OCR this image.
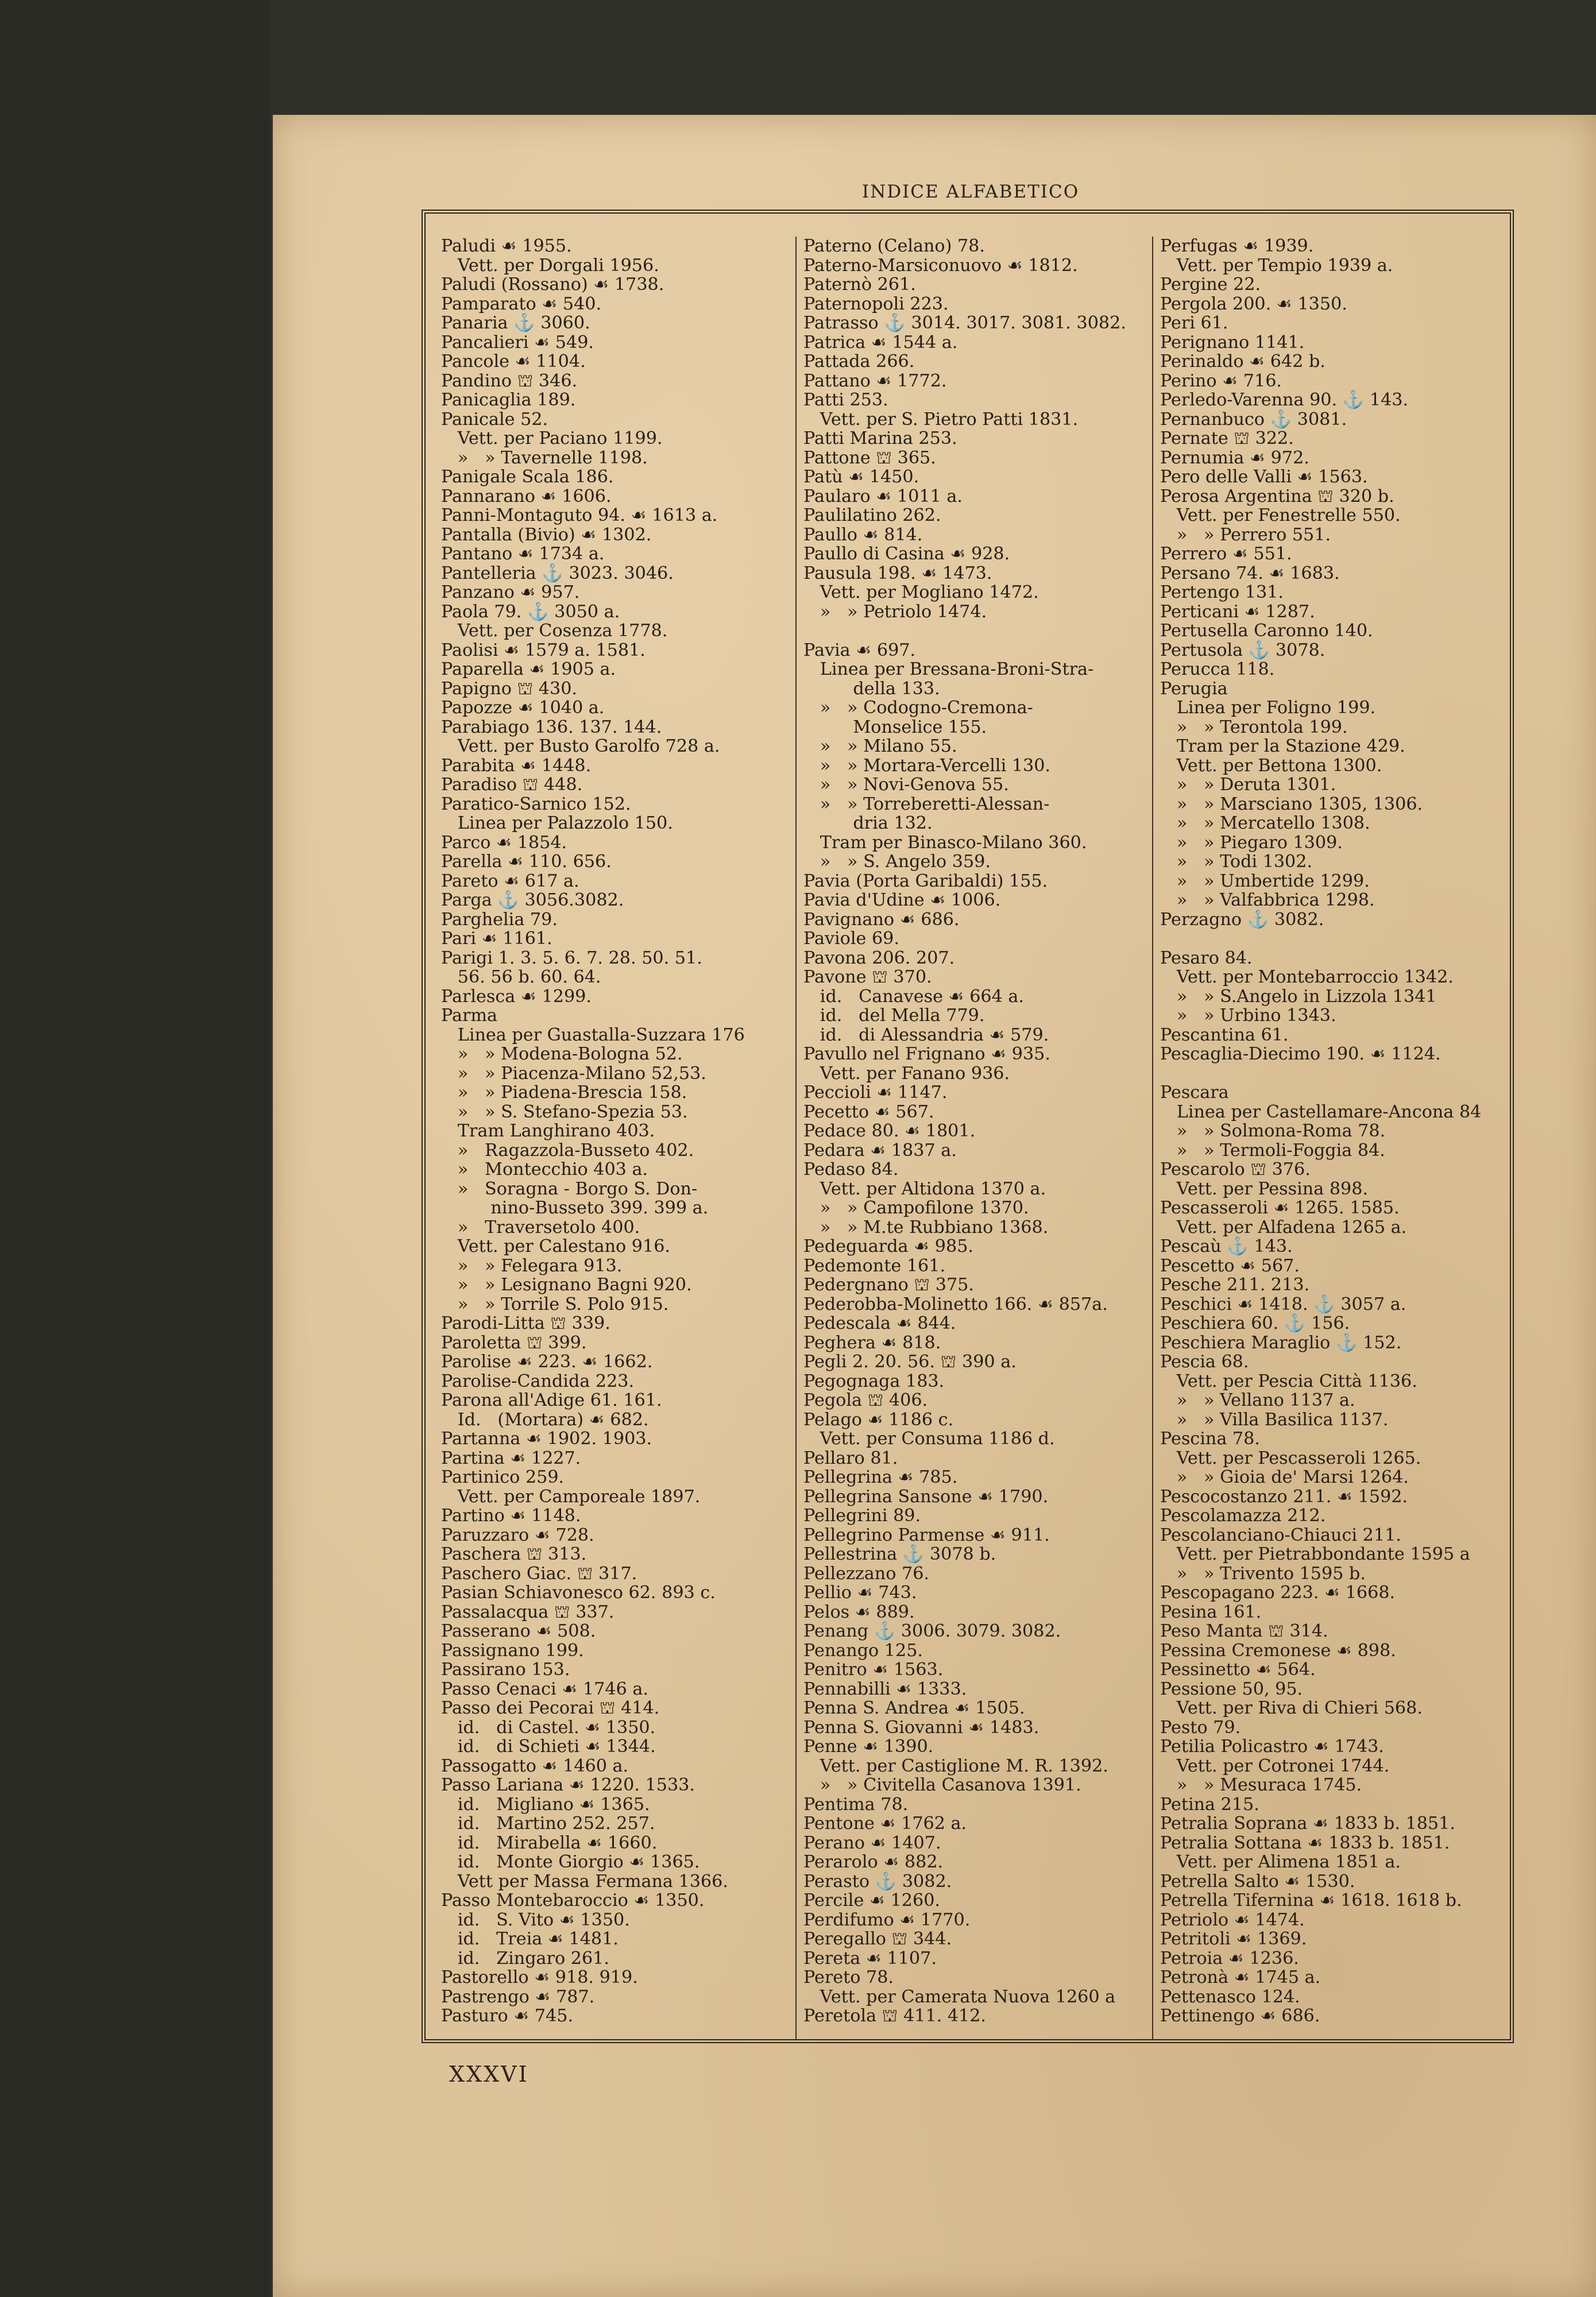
INDICE ALFABETICO
Paludi ☙ 1955.
Vett. per Dorgali 1956.
Paludi (Rossano) ☙ 1738.
Pamparato ☙ 540.
Panaria ⚓ 3060.
Pancalieri ☙ 549.
Pancole ☙ 1104.
Pandino ⛫ 346.
Panicaglia 189.
Panicale 52.
Vett. per Paciano 1199.
»   » Tavernelle 1198.
Panigale Scala 186.
Pannarano ☙ 1606.
Panni-Montaguto 94. ☙ 1613 a.
Pantalla (Bivio) ☙ 1302.
Pantano ☙ 1734 a.
Pantelleria ⚓ 3023. 3046.
Panzano ☙ 957.
Paola 79. ⚓ 3050 a.
Vett. per Cosenza 1778.
Paolisi ☙ 1579 a. 1581.
Paparella ☙ 1905 a.
Papigno ⛫ 430.
Papozze ☙ 1040 a.
Parabiago 136. 137. 144.
Vett. per Busto Garolfo 728 a.
Parabita ☙ 1448.
Paradiso ⛫ 448.
Paratico-Sarnico 152.
Linea per Palazzolo 150.
Parco ☙ 1854.
Parella ☙ 110. 656.
Pareto ☙ 617 a.
Parga ⚓ 3056.3082.
Parghelia 79.
Pari ☙ 1161.
Parigi 1. 3. 5. 6. 7. 28. 50. 51.
56. 56 b. 60. 64.
Parlesca ☙ 1299.
Parma
Linea per Guastalla-Suzzara 176
»   » Modena-Bologna 52.
»   » Piacenza-Milano 52,53.
»   » Piadena-Brescia 158.
»   » S. Stefano-Spezia 53.
Tram Langhirano 403.
»   Ragazzola-Busseto 402.
»   Montecchio 403 a.
»   Soragna - Borgo S. Don-
nino-Busseto 399. 399 a.
»   Traversetolo 400.
Vett. per Calestano 916.
»   » Felegara 913.
»   » Lesignano Bagni 920.
»   » Torrile S. Polo 915.
Parodi-Litta ⛫ 339.
Paroletta ⛫ 399.
Parolise ☙ 223. ☙ 1662.
Parolise-Candida 223.
Parona all'Adige 61. 161.
Id.   (Mortara) ☙ 682.
Partanna ☙ 1902. 1903.
Partina ☙ 1227.
Partinico 259.
Vett. per Camporeale 1897.
Partino ☙ 1148.
Paruzzaro ☙ 728.
Paschera ⛫ 313.
Paschero Giac. ⛫ 317.
Pasian Schiavonesco 62. 893 c.
Passalacqua ⛫ 337.
Passerano ☙ 508.
Passignano 199.
Passirano 153.
Passo Cenaci ☙ 1746 a.
Passo dei Pecorai ⛫ 414.
id.   di Castel. ☙ 1350.
id.   di Schieti ☙ 1344.
Passogatto ☙ 1460 a.
Passo Lariana ☙ 1220. 1533.
id.   Migliano ☙ 1365.
id.   Martino 252. 257.
id.   Mirabella ☙ 1660.
id.   Monte Giorgio ☙ 1365.
Vett per Massa Fermana 1366.
Passo Montebaroccio ☙ 1350.
id.   S. Vito ☙ 1350.
id.   Treia ☙ 1481.
id.   Zingaro 261.
Pastorello ☙ 918. 919.
Pastrengo ☙ 787.
Pasturo ☙ 745.
Paterno (Celano) 78.
Paterno-Marsiconuovo ☙ 1812.
Paternò 261.
Paternopoli 223.
Patrasso ⚓ 3014. 3017. 3081. 3082.
Patrica ☙ 1544 a.
Pattada 266.
Pattano ☙ 1772.
Patti 253.
Vett. per S. Pietro Patti 1831.
Patti Marina 253.
Pattone ⛫ 365.
Patù ☙ 1450.
Paularo ☙ 1011 a.
Paulilatino 262.
Paullo ☙ 814.
Paullo di Casina ☙ 928.
Pausula 198. ☙ 1473.
Vett. per Mogliano 1472.
»   » Petriolo 1474.

Pavia ☙ 697.
Linea per Bressana-Broni-Stra-
della 133.
»   » Codogno-Cremona-
Monselice 155.
»   » Milano 55.
»   » Mortara-Vercelli 130.
»   » Novi-Genova 55.
»   » Torreberetti-Alessan-
dria 132.
Tram per Binasco-Milano 360.
»   » S. Angelo 359.
Pavia (Porta Garibaldi) 155.
Pavia d'Udine ☙ 1006.
Pavignano ☙ 686.
Paviole 69.
Pavona 206. 207.
Pavone ⛫ 370.
id.   Canavese ☙ 664 a.
id.   del Mella 779.
id.   di Alessandria ☙ 579.
Pavullo nel Frignano ☙ 935.
Vett. per Fanano 936.
Peccioli ☙ 1147.
Pecetto ☙ 567.
Pedace 80. ☙ 1801.
Pedara ☙ 1837 a.
Pedaso 84.
Vett. per Altidona 1370 a.
»   » Campofilone 1370.
»   » M.te Rubbiano 1368.
Pedeguarda ☙ 985.
Pedemonte 161.
Pedergnano ⛫ 375.
Pederobba-Molinetto 166. ☙ 857a.
Pedescala ☙ 844.
Peghera ☙ 818.
Pegli 2. 20. 56. ⛫ 390 a.
Pegognaga 183.
Pegola ⛫ 406.
Pelago ☙ 1186 c.
Vett. per Consuma 1186 d.
Pellaro 81.
Pellegrina ☙ 785.
Pellegrina Sansone ☙ 1790.
Pellegrini 89.
Pellegrino Parmense ☙ 911.
Pellestrina ⚓ 3078 b.
Pellezzano 76.
Pellio ☙ 743.
Pelos ☙ 889.
Penang ⚓ 3006. 3079. 3082.
Penango 125.
Penitro ☙ 1563.
Pennabilli ☙ 1333.
Penna S. Andrea ☙ 1505.
Penna S. Giovanni ☙ 1483.
Penne ☙ 1390.
Vett. per Castiglione M. R. 1392.
»   » Civitella Casanova 1391.
Pentima 78.
Pentone ☙ 1762 a.
Perano ☙ 1407.
Perarolo ☙ 882.
Perasto ⚓ 3082.
Percile ☙ 1260.
Perdifumo ☙ 1770.
Peregallo ⛫ 344.
Pereta ☙ 1107.
Pereto 78.
Vett. per Camerata Nuova 1260 a
Peretola ⛫ 411. 412.
Perfugas ☙ 1939.
Vett. per Tempio 1939 a.
Pergine 22.
Pergola 200. ☙ 1350.
Peri 61.
Perignano 1141.
Perinaldo ☙ 642 b.
Perino ☙ 716.
Perledo-Varenna 90. ⚓ 143.
Pernanbuco ⚓ 3081.
Pernate ⛫ 322.
Pernumia ☙ 972.
Pero delle Valli ☙ 1563.
Perosa Argentina ⛫ 320 b.
Vett. per Fenestrelle 550.
»   » Perrero 551.
Perrero ☙ 551.
Persano 74. ☙ 1683.
Pertengo 131.
Perticani ☙ 1287.
Pertusella Caronno 140.
Pertusola ⚓ 3078.
Perucca 118.
Perugia
Linea per Foligno 199.
»   » Terontola 199.
Tram per la Stazione 429.
Vett. per Bettona 1300.
»   » Deruta 1301.
»   » Marsciano 1305, 1306.
»   » Mercatello 1308.
»   » Piegaro 1309.
»   » Todi 1302.
»   » Umbertide 1299.
»   » Valfabbrica 1298.
Perzagno ⚓ 3082.

Pesaro 84.
Vett. per Montebarroccio 1342.
»   » S.Angelo in Lizzola 1341
»   » Urbino 1343.
Pescantina 61.
Pescaglia-Diecimo 190. ☙ 1124.

Pescara
Linea per Castellamare-Ancona 84
»   » Solmona-Roma 78.
»   » Termoli-Foggia 84.
Pescarolo ⛫ 376.
Vett. per Pessina 898.
Pescasseroli ☙ 1265. 1585.
Vett. per Alfadena 1265 a.
Pescaù ⚓ 143.
Pescetto ☙ 567.
Pesche 211. 213.
Peschici ☙ 1418. ⚓ 3057 a.
Peschiera 60. ⚓ 156.
Peschiera Maraglio ⚓ 152.
Pescia 68.
Vett. per Pescia Città 1136.
»   » Vellano 1137 a.
»   » Villa Basilica 1137.
Pescina 78.
Vett. per Pescasseroli 1265.
»   » Gioia de' Marsi 1264.
Pescocostanzo 211. ☙ 1592.
Pescolamazza 212.
Pescolanciano-Chiauci 211.
Vett. per Pietrabbondante 1595 a
»   » Trivento 1595 b.
Pescopagano 223. ☙ 1668.
Pesina 161.
Peso Manta ⛫ 314.
Pessina Cremonese ☙ 898.
Pessinetto ☙ 564.
Pessione 50, 95.
Vett. per Riva di Chieri 568.
Pesto 79.
Petilia Policastro ☙ 1743.
Vett. per Cotronei 1744.
»   » Mesuraca 1745.
Petina 215.
Petralia Soprana ☙ 1833 b. 1851.
Petralia Sottana ☙ 1833 b. 1851.
Vett. per Alimena 1851 a.
Petrella Salto ☙ 1530.
Petrella Tifernina ☙ 1618. 1618 b.
Petriolo ☙ 1474.
Petritoli ☙ 1369.
Petroia ☙ 1236.
Petronà ☙ 1745 a.
Pettenasco 124.
Pettinengo ☙ 686.
XXXVI
